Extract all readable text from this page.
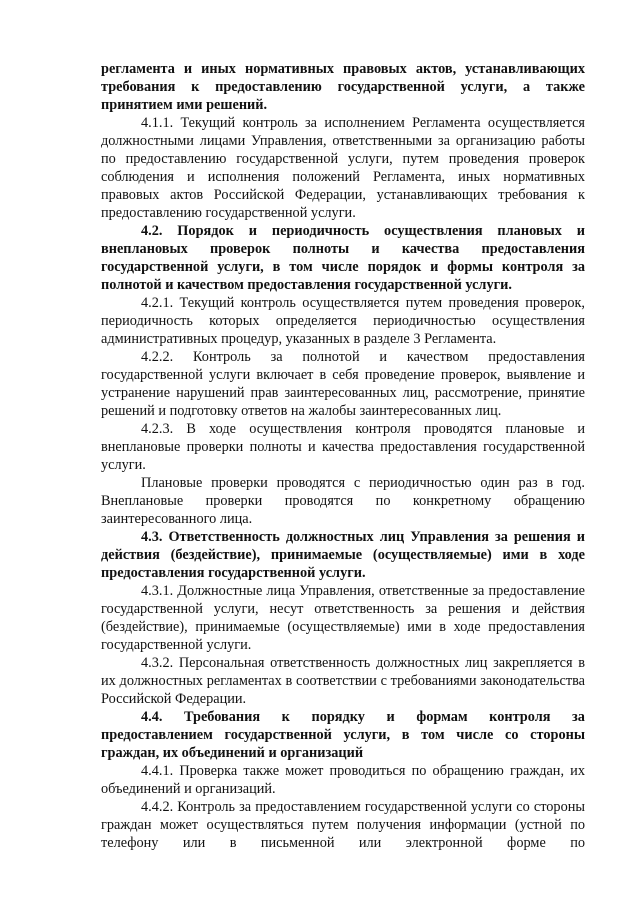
регламента и иных нормативных правовых актов, устанавливающих требования к предоставлению государственной услуги, а также принятием ими решений.

4.1.1. Текущий контроль за исполнением Регламента осуществляется должностными лицами Управления, ответственными за организацию работы по предоставлению государственной услуги, путем проведения проверок соблюдения и исполнения положений Регламента, иных нормативных правовых актов Российской Федерации, устанавливающих требования к предоставлению государственной услуги.

4.2. Порядок и периодичность осуществления плановых и внеплановых проверок полноты и качества предоставления государственной услуги, в том числе порядок и формы контроля за полнотой и качеством предоставления государственной услуги.

4.2.1. Текущий контроль осуществляется путем проведения проверок, периодичность которых определяется периодичностью осуществления административных процедур, указанных в разделе 3 Регламента.

4.2.2. Контроль за полнотой и качеством предоставления государственной услуги включает в себя проведение проверок, выявление и устранение нарушений прав заинтересованных лиц, рассмотрение, принятие решений и подготовку ответов на жалобы заинтересованных лиц.

4.2.3. В ходе осуществления контроля проводятся плановые и внеплановые проверки полноты и качества предоставления государственной услуги.

Плановые проверки проводятся с периодичностью один раз в год. Внеплановые проверки проводятся по конкретному обращению заинтересованного лица.

4.3. Ответственность должностных лиц Управления за решения и действия (бездействие), принимаемые (осуществляемые) ими в ходе предоставления государственной услуги.

4.3.1. Должностные лица Управления, ответственные за предоставление государственной услуги, несут ответственность за решения и действия (бездействие), принимаемые (осуществляемые) ими в ходе предоставления государственной услуги.

4.3.2. Персональная ответственность должностных лиц закрепляется в их должностных регламентах в соответствии с требованиями законодательства Российской Федерации.

4.4. Требования к порядку и формам контроля за

предоставлением государственной услуги, в том числе со стороны граждан, их объединений и организаций

4.4.1. Проверка также может проводиться по обращению граждан, их объединений и организаций.

4.4.2. Контроль за предоставлением государственной услуги со стороны граждан может осуществляться путем получения информации (устной по телефону или в письменной или электронной форме по
